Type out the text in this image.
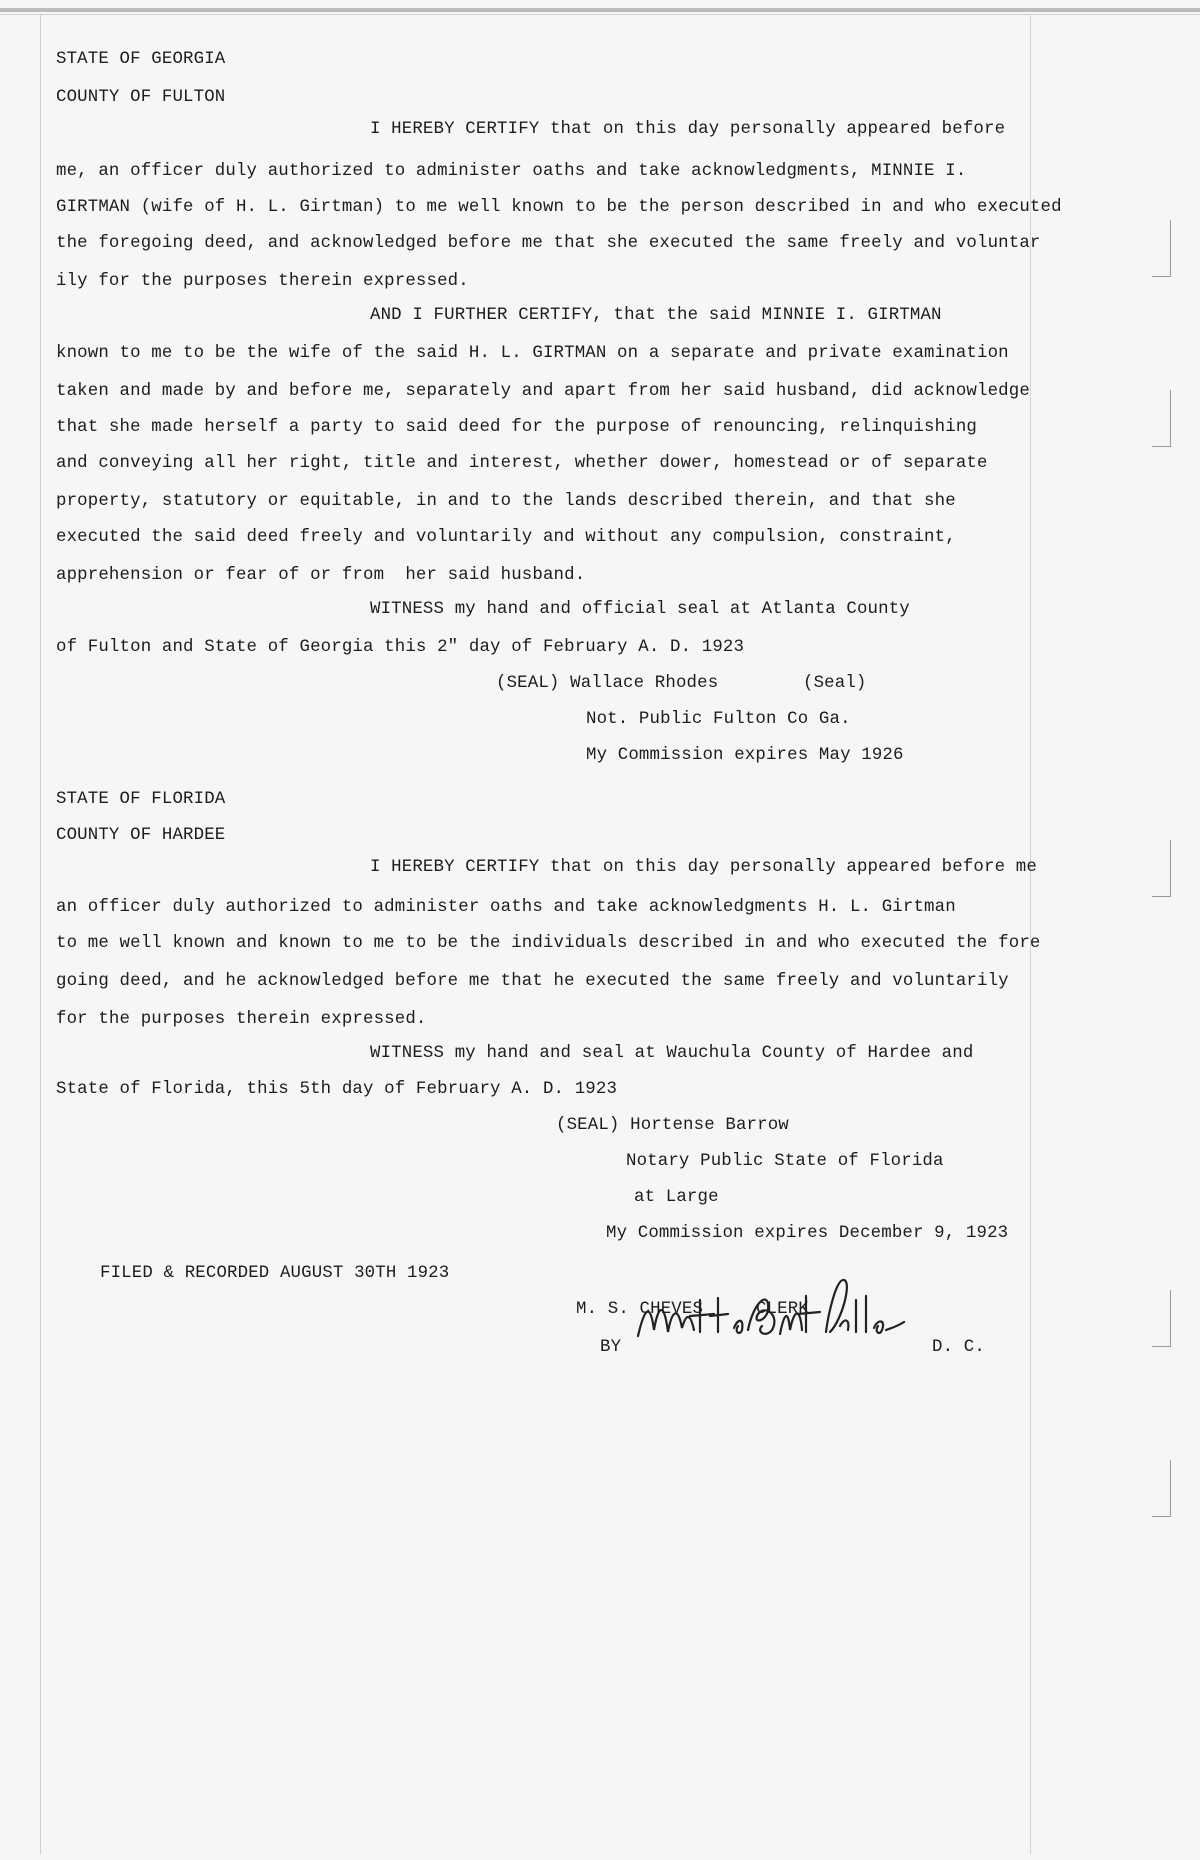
STATE OF GEORGIA
COUNTY OF FULTON
I HEREBY CERTIFY that on this day personally appeared before
me, an officer duly authorized to administer oaths and take acknowledgments, MINNIE I.
GIRTMAN (wife of H. L. Girtman) to me well known to be the person described in and who executed
the foregoing deed, and acknowledged before me that she executed the same freely and voluntar
ily for the purposes therein expressed.
AND I FURTHER CERTIFY, that the said MINNIE I. GIRTMAN
known to me to be the wife of the said H. L. GIRTMAN on a separate and private examination
taken and made by and before me, separately and apart from her said husband, did acknowledge
that she made herself a party to said deed for the purpose of renouncing, relinquishing
and conveying all her right, title and interest, whether dower, homestead or of separate
property, statutory or equitable, in and to the lands described therein, and that she
executed the said deed freely and voluntarily and without any compulsion, constraint,
apprehension or fear of or from  her said husband.
WITNESS my hand and official seal at Atlanta County
of Fulton and State of Georgia this 2" day of February A. D. 1923
(SEAL) Wallace Rhodes        (Seal)
Not. Public Fulton Co Ga.
My Commission expires May 1926
STATE OF FLORIDA
COUNTY OF HARDEE
I HEREBY CERTIFY that on this day personally appeared before me
an officer duly authorized to administer oaths and take acknowledgments H. L. Girtman
to me well known and known to me to be the individuals described in and who executed the fore
going deed, and he acknowledged before me that he executed the same freely and voluntarily
for the purposes therein expressed.
WITNESS my hand and seal at Wauchula County of Hardee and
State of Florida, this 5th day of February A. D. 1923
(SEAL) Hortense Barrow
Notary Public State of Florida
at Large
My Commission expires December 9, 1923
FILED & RECORDED AUGUST 30TH 1923
M. S. CHEVES     CLERK
BY	D. C.
